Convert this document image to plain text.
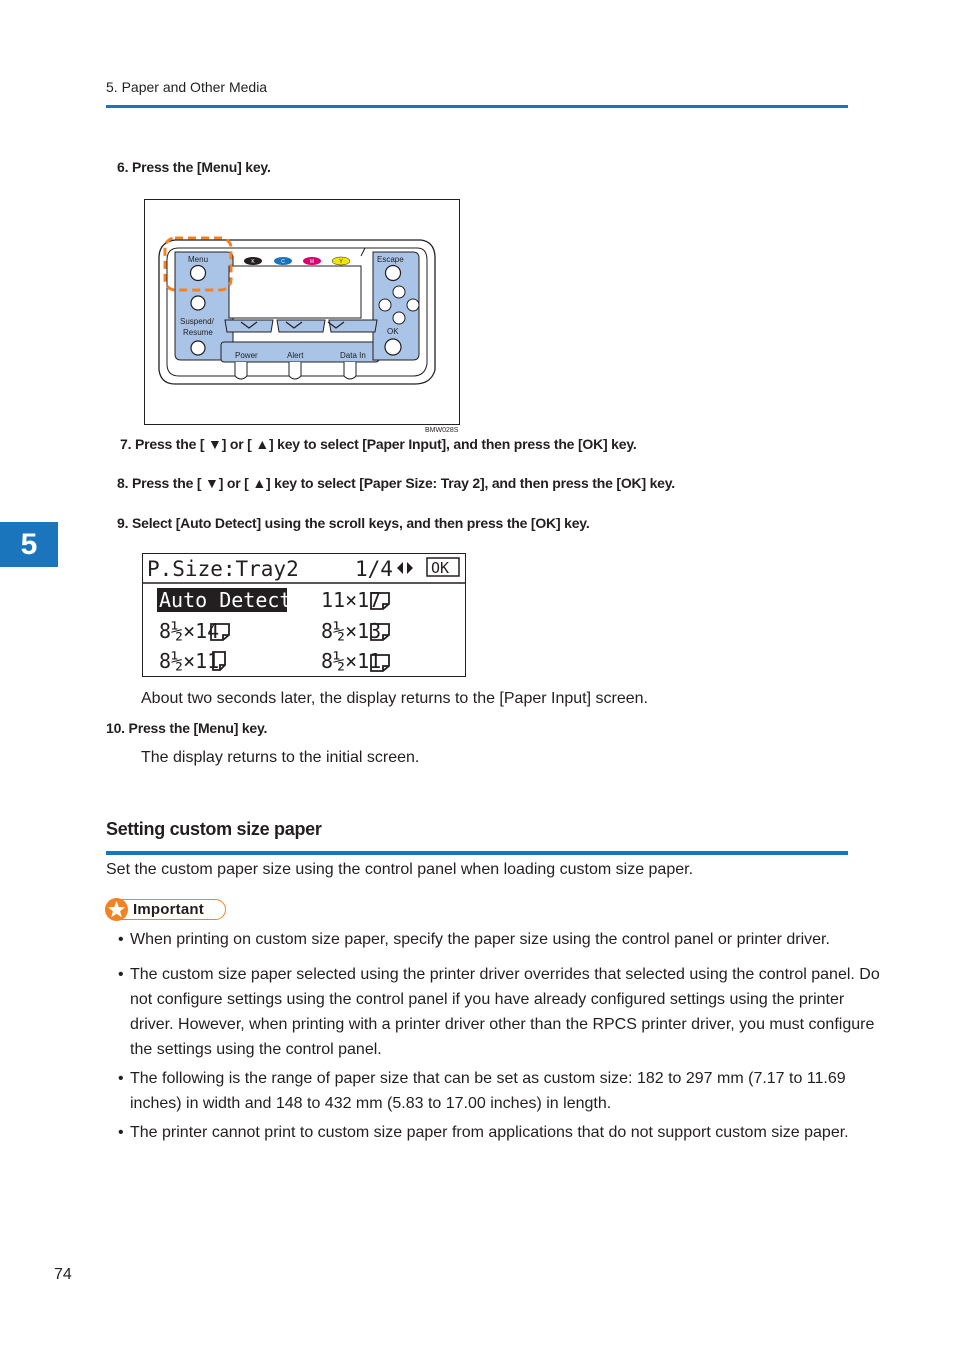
5. Paper and Other Media
6. Press the [Menu] key.
K	C	M	Y
Menu
Suspend/
Resume
Escape
OK
Power	Alert	Data In
BMW028S
7. Press the [ ▼] or [ ▲] key to select [Paper Input], and then press the [OK] key.
8. Press the [ ▼] or [ ▲] key to select [Paper Size: Tray 2], and then press the [OK] key.
5
9. Select [Auto Detect] using the scroll keys, and then press the [OK] key.
P.Size:Tray2	1/4	OK
Auto Detect 11×17
8½×14	8½×13
8½×11	8½×11
About two seconds later, the display returns to the [Paper Input] screen.
10. Press the [Menu] key.
The display returns to the initial screen.
Setting custom size paper
Set the custom paper size using the control panel when loading custom size paper.
Important
• When printing on custom size paper, specify the paper size using the control panel or printer driver.
• The custom size paper selected using the printer driver overrides that selected using the control panel. Do not configure settings using the control panel if you have already configured settings using the printer driver. However, when printing with a printer driver other than the RPCS printer driver, you must configure the settings using the control panel.
• The following is the range of paper size that can be set as custom size: 182 to 297 mm (7.17 to 11.69 inches) in width and 148 to 432 mm (5.83 to 17.00 inches) in length.
• The printer cannot print to custom size paper from applications that do not support custom size paper.
74
